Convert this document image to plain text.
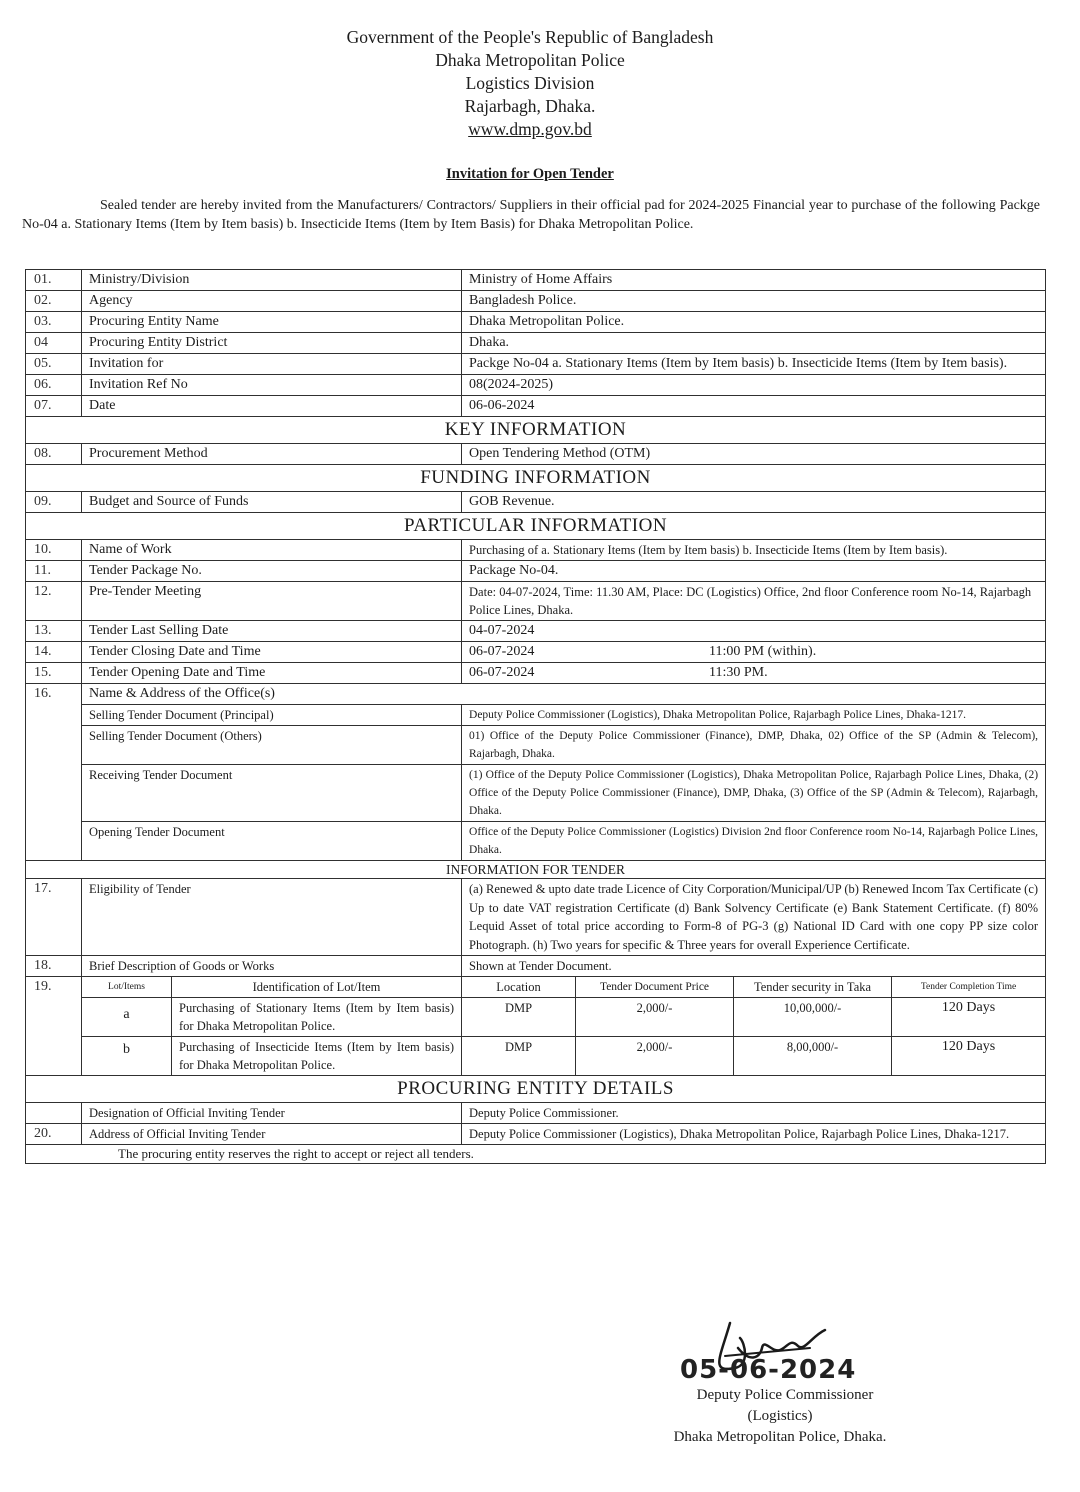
Government of the People's Republic of Bangladesh
Dhaka Metropolitan Police
Logistics Division
Rajarbagh, Dhaka.
www.dmp.gov.bd
Invitation for Open Tender
Sealed tender are hereby invited from the Manufacturers/ Contractors/ Suppliers in their official pad for 2024-2025 Financial year to purchase of the following Packge No-04 a. Stationary Items (Item by Item basis) b. Insecticide Items (Item by Item Basis) for Dhaka Metropolitan Police.
01.	Ministry/Division		Ministry of Home Affairs			
02.	Agency		Bangladesh Police.			
03.	Procuring Entity Name		Dhaka Metropolitan Police.			
04	Procuring Entity District		Dhaka.			
05.	Invitation for		Packge No-04 a. Stationary Items (Item by Item basis) b. Insecticide Items (Item by Item basis).			
06.	Invitation Ref No		08(2024-2025)			
07.	Date		06-06-2024			
KEY INFORMATION						
08.	Procurement Method		Open Tendering Method (OTM)			
FUNDING INFORMATION						
09.	Budget and Source of Funds		GOB Revenue.			
PARTICULAR INFORMATION						
10.	Name of Work		Purchasing of a. Stationary Items (Item by Item basis) b. Insecticide Items (Item by Item basis).			
11.	Tender Package No.		Package No-04.			
12.	Pre-Tender Meeting		Date: 04-07-2024, Time: 11.30 AM, Place: DC (Logistics) Office, 2nd floor Conference room No-14, Rajarbagh Police Lines, Dhaka.			
13.	Tender Last Selling Date		04-07-2024			
14.	Tender Closing Date and Time		06-07-2024 11:00 PM (within).			

15.	Tender Opening Date and Time		06-07-2024 11:30 PM.			

16.	Name & Address of the Office(s)					
	Selling Tender Document (Principal)		Deputy Police Commissioner (Logistics), Dhaka Metropolitan Police, Rajarbagh Police Lines, Dhaka-1217.			
	Selling Tender Document (Others)		01) Office of the Deputy Police Commissioner (Finance), DMP, Dhaka, 02) Office of the SP (Admin & Telecom), Rajarbagh, Dhaka.			
	Receiving Tender Document		(1) Office of the Deputy Police Commissioner (Logistics), Dhaka Metropolitan Police, Rajarbagh Police Lines, Dhaka, (2) Office of the Deputy Police Commissioner (Finance), DMP, Dhaka, (3) Office of the SP (Admin & Telecom), Rajarbagh, Dhaka.			
	Opening Tender Document		Office of the Deputy Police Commissioner (Logistics) Division 2nd floor Conference room No-14, Rajarbagh Police Lines, Dhaka.			
INFORMATION FOR TENDER						
17.	Eligibility of Tender		(a) Renewed & upto date trade Licence of City Corporation/Municipal/UP (b) Renewed Incom Tax Certificate (c) Up to date VAT registration Certificate (d) Bank Solvency Certificate (e) Bank Statement Certificate. (f) 80% Lequid Asset of total price according to Form-8 of PG-3 (g) National ID Card with one copy PP size color Photograph. (h) Two years for specific & Three years for overall Experience Certificate.			
18.	Brief Description of Goods or Works		Shown at Tender Document.			
19.	Lot/Items	Identification of Lot/Item	Location	Tender Document Price	Tender security in Taka	Tender Completion Time
	a	Purchasing of Stationary Items (Item by Item basis) for Dhaka Metropolitan Police.	DMP	2,000/-	10,00,000/-	120 Days
	b	Purchasing of Insecticide Items (Item by Item basis) for Dhaka Metropolitan Police.	DMP	2,000/-	8,00,000/-	120 Days
PROCURING ENTITY DETAILS						
	Designation of Official Inviting Tender		Deputy Police Commissioner.			
20.	Address of Official Inviting Tender		Deputy Police Commissioner (Logistics), Dhaka Metropolitan Police, Rajarbagh Police Lines, Dhaka-1217.			
The procuring entity reserves the right to accept or reject all tenders.						
05-06-2024
Deputy Police Commissioner
(Logistics)
Dhaka Metropolitan Police, Dhaka.
